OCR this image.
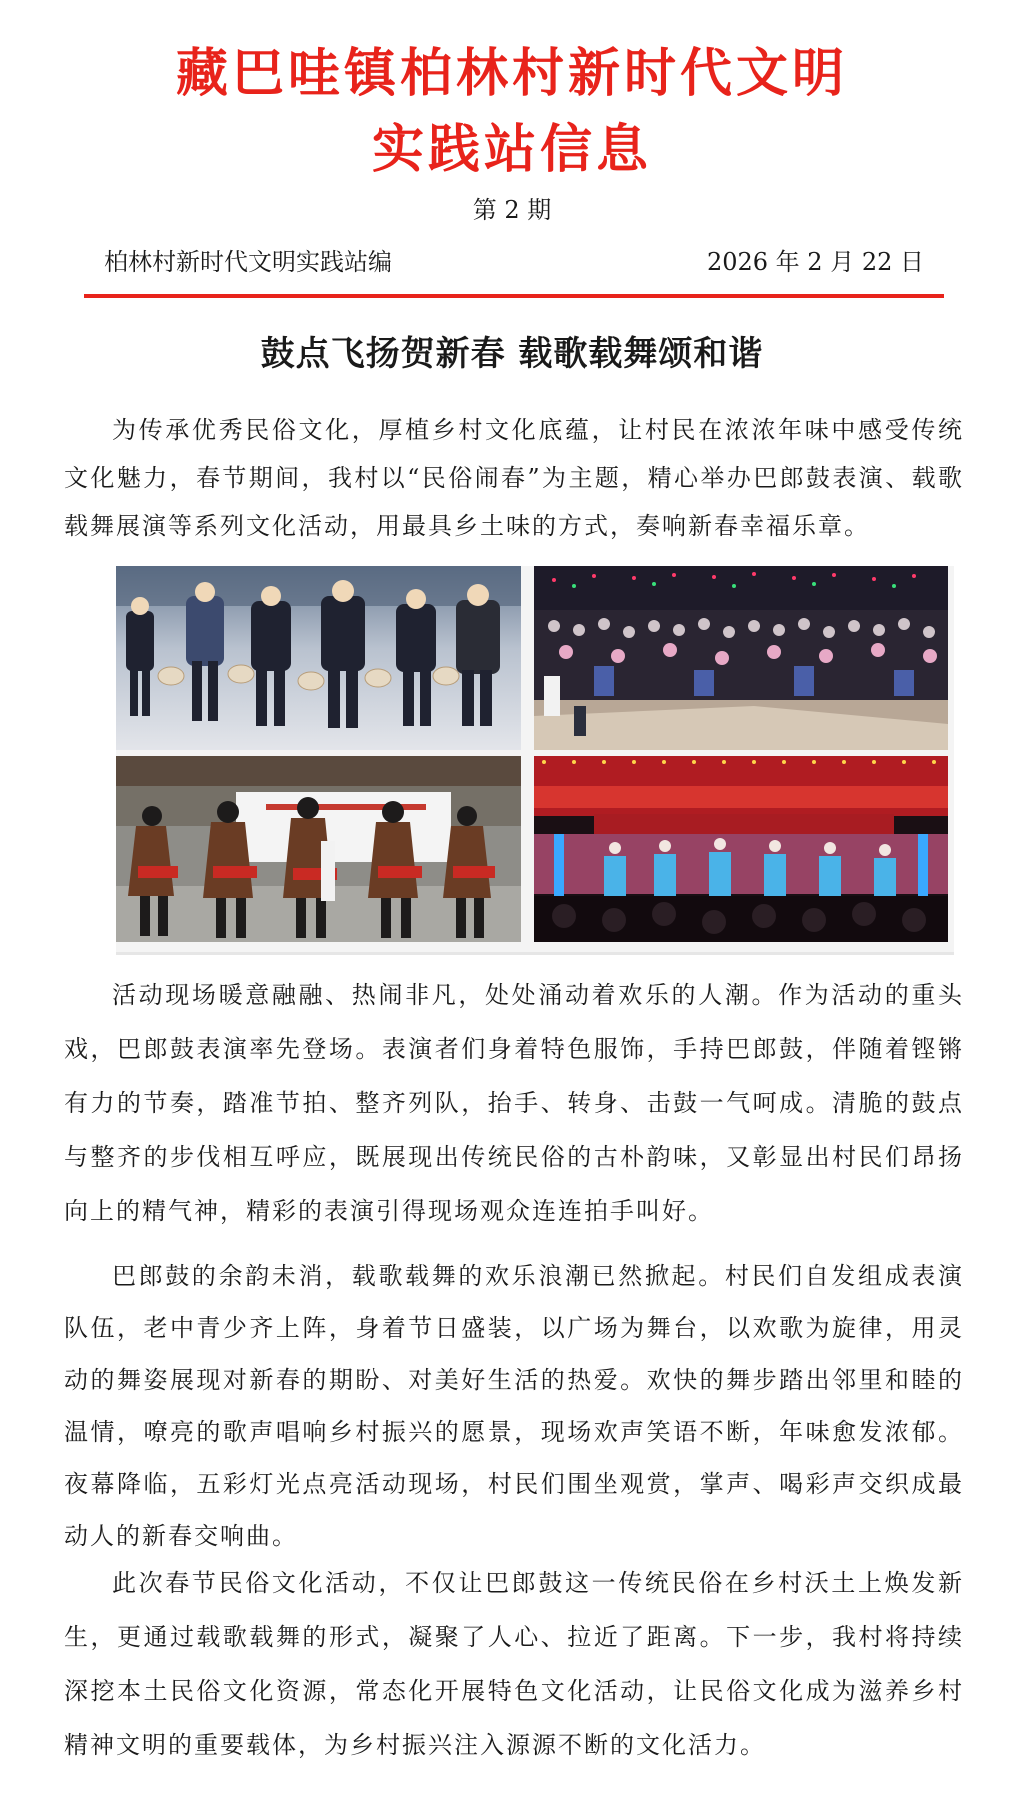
藏巴哇镇柏林村新时代文明
实践站信息
第 2 期
柏林村新时代文明实践站编	2026 年 2 月 22 日
鼓点飞扬贺新春 载歌载舞颂和谐

为传承优秀民俗文化，厚植乡村文化底蕴，让村民在浓浓年味中感受传统文化魅力，春节期间，我村以“民俗闹春”为主题，精心举办巴郎鼓表演、载歌载舞展演等系列文化活动，用最具乡土味的方式，奏响新春幸福乐章。

活动现场暖意融融、热闹非凡，处处涌动着欢乐的人潮。作为活动的重头戏，巴郎鼓表演率先登场。表演者们身着特色服饰，手持巴郎鼓，伴随着铿锵有力的节奏，踏准节拍、整齐列队，抬手、转身、击鼓一气呵成。清脆的鼓点与整齐的步伐相互呼应，既展现出传统民俗的古朴韵味，又彰显出村民们昂扬向上的精气神，精彩的表演引得现场观众连连拍手叫好。

巴郎鼓的余韵未消，载歌载舞的欢乐浪潮已然掀起。村民们自发组成表演队伍，老中青少齐上阵，身着节日盛装，以广场为舞台，以欢歌为旋律，用灵动的舞姿展现对新春的期盼、对美好生活的热爱。欢快的舞步踏出邻里和睦的温情，嘹亮的歌声唱响乡村振兴的愿景，现场欢声笑语不断，年味愈发浓郁。夜幕降临，五彩灯光点亮活动现场，村民们围坐观赏，掌声、喝彩声交织成最动人的新春交响曲。

此次春节民俗文化活动，不仅让巴郎鼓这一传统民俗在乡村沃土上焕发新生，更通过载歌载舞的形式，凝聚了人心、拉近了距离。下一步，我村将持续深挖本土民俗文化资源，常态化开展特色文化活动，让民俗文化成为滋养乡村精神文明的重要载体，为乡村振兴注入源源不断的文化活力。
